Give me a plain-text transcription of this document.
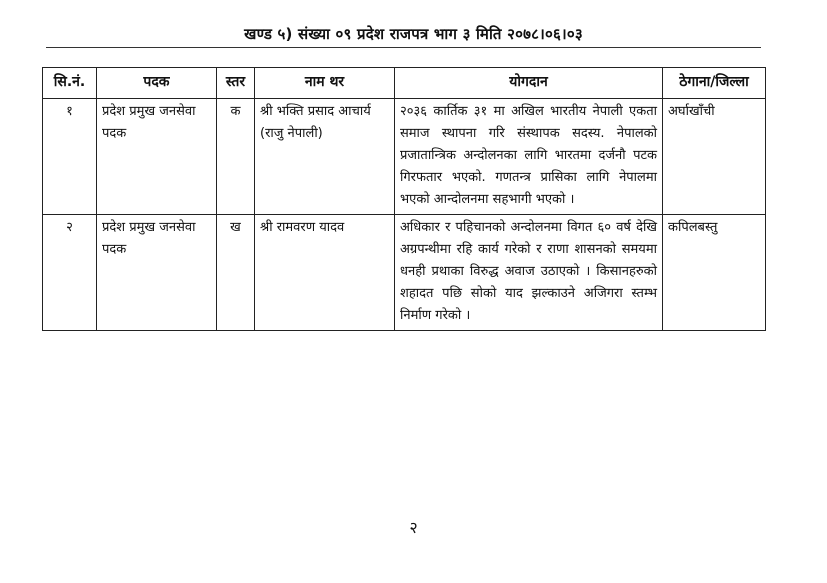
खण्ड ५) संख्या ०९ प्रदेश राजपत्र भाग ३ मिति २०७८।०६।०३
सि.नं.	पदक	स्तर	नाम थर	योगदान	ठेगाना/जिल्ला
१	प्रदेश प्रमुख जनसेवा पदक	क	श्री भक्ति प्रसाद आचार्य (राजु नेपाली)	२०३६ कार्तिक ३१ मा अखिल भारतीय नेपाली एकता समाज स्थापना गरि संस्थापक सदस्य. नेपालको प्रजातान्त्रिक अन्दोलनका लागि भारतमा दर्जनौ पटक गिरफतार भएको. गणतन्त्र प्रासिका लागि नेपालमा भएको आन्दोलनमा सहभागी भएको ।	अर्घाखाँची
२	प्रदेश प्रमुख जनसेवा पदक	ख	श्री रामवरण यादव	अधिकार र पहिचानको अन्दोलनमा विगत ६० वर्ष देखि अग्रपन्थीमा रहि कार्य गरेको र राणा शासनको समयमा धनही प्रथाका विरुद्ध अवाज उठाएको । किसानहरुको शहादत पछि सोको याद झल्काउने अजिगरा स्तम्भ निर्माण गरेको ।	कपिलबस्तु
२
